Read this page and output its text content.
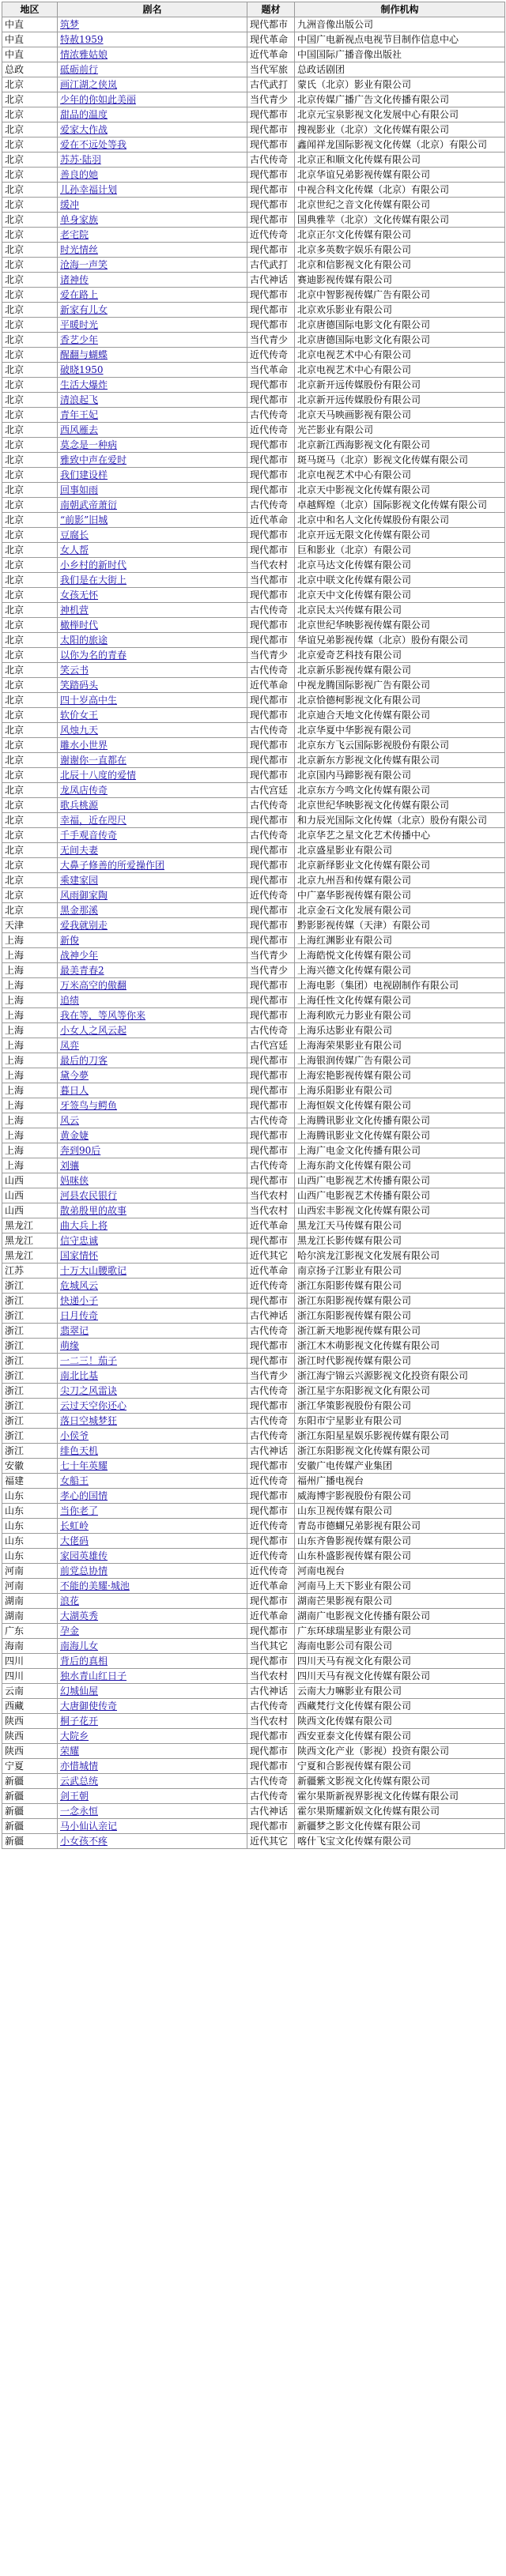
地区	剧名	题材	制作机构
中直	筑梦	现代都市	九洲音像出版公司
中直	特赦1959	现代革命	中国广电新视点电视节目制作信息中心
中直	情浓雅姑娘	近代革命	中国国际广播音像出版社
总政	砥砺前行	当代军旅	总政话剧团
北京	画江湖之侠岚	古代武打	蒙氏（北京）影业有限公司
北京	少年的你如此美丽	当代青少	北京传媒广播广告文化传播有限公司
北京	甜品的温度	现代都市	北京元宝泉影视文化发展中心有限公司
北京	爱家大作战	现代都市	搜视影业（北京）文化传媒有限公司
北京	爱在不远处等我	现代都市	鑫闻祥龙国际影视文化传媒（北京）有限公司
北京	苏苏·陆羽	古代传奇	北京正和顺文化传媒有限公司
北京	善良的她	现代都市	北京华谊兄弟影视传媒有限公司
北京	儿孙幸福计划	现代都市	中视合科文化传媒（北京）有限公司
北京	缓冲	现代都市	北京世纪之音文化传媒有限公司
北京	单身家族	现代都市	国典雅苹（北京）文化传媒有限公司
北京	老宅院	近代传奇	北京正尔文化传媒有限公司
北京	时光情丝	现代都市	北京多英数字娱乐有限公司
北京	沧海一声笑	古代武打	北京和信影视文化有限公司
北京	诸神传	古代神话	赛迪影视传媒有限公司
北京	爱在路上	现代都市	北京中智影视传媒广告有限公司
北京	新家有儿女	现代都市	北京欢乐影业有限公司
北京	平暖时光	现代都市	北京唐德国际电影文化有限公司
北京	香艺少年	当代青少	北京唐德国际电影文化有限公司
北京	醒翻与蝴蝶	近代传奇	北京电视艺术中心有限公司
北京	破晓1950	当代革命	北京电视艺术中心有限公司
北京	生活大爆炸	现代都市	北京新开远传媒股份有限公司
北京	清浪起飞	现代都市	北京新开远传媒股份有限公司
北京	青年王妃	古代传奇	北京天马映画影视有限公司
北京	西风雁去	近代传奇	光芒影业有限公司
北京	莫念是一种病	现代都市	北京新江西海影视文化有限公司
北京	雅致中声在爱时	现代都市	斑马斑马（北京）影视文化传媒有限公司
北京	我们建设样	现代都市	北京电视艺术中心有限公司
北京	回事如雨	现代都市	北京天中影视文化传媒有限公司
北京	南朝武帝萧衍	古代传奇	卓越辉煌（北京）国际影视文化传媒有限公司
北京	“前影”旧城	近代革命	北京中和名人文化传媒股份有限公司
北京	豆腐长	现代都市	北京开远无限文化传媒有限公司
北京	女人帮	现代都市	巨和影业（北京）有限公司
北京	小乡村的新时代	当代农村	北京马达文化传媒有限公司
北京	我们是在大街上	当代都市	北京中联文化传媒有限公司
北京	女孩无怀	现代都市	北京天中文化传媒有限公司
北京	神机营	古代传奇	北京民太兴传媒有限公司
北京	橄榉时代	现代都市	北京世纪华映影视传媒有限公司
北京	太阳的旅途	现代都市	华谊兄弟影视传媒（北京）股份有限公司
北京	以你为名的青春	当代青少	北京爱奇艺科技有限公司
北京	笑云书	古代传奇	北京新乐影视传媒有限公司
北京	笑踏码头	近代革命	中视龙腾国际影视广告有限公司
北京	四十岁高中生	现代都市	北京恰德柯影视文化有限公司
北京	软价女王	现代都市	北京迪合天地文化传媒有限公司
北京	风烛九天	古代传奇	北京华夏中华影视有限公司
北京	雕水小世界	现代都市	北京东方飞云国际影视股份有限公司
北京	谢谢你一直都在	现代都市	北京新东方影视文化传媒有限公司
北京	北辰十八度的爱情	现代都市	北京国内马蹄影视有限公司
北京	龙凤店传奇	古代宫廷	北京东方今鸣文化传媒有限公司
北京	歌兵桃源	古代传奇	北京世纪华映影视文化传媒有限公司
北京	幸福，近在咫尺	现代都市	和力辰光国际文化传媒（北京）股份有限公司
北京	千手观音传奇	古代传奇	北京华艺之星文化艺术传播中心
北京	无间夫妻	现代都市	北京盛星影业有限公司
北京	大鼻子修善的所爱操作团	现代都市	北京新绎影业文化传媒有限公司
北京	乘建家园	现代都市	北京九州吾和传媒有限公司
北京	风雨御家陶	近代传奇	中广嘉华影视传媒有限公司
北京	黑金那溪	现代都市	北京金石文化发展有限公司
天津	爱我就别走	现代都市	黔影影视传媒（天津）有限公司
上海	新俊	现代都市	上海红渊影业有限公司
上海	战神少年	当代青少	上海皓悦文化传媒有限公司
上海	最美青春2	当代青少	上海兴德文化传媒有限公司
上海	万米高空的傲翻	现代都市	上海电影（集团）电视剧制作有限公司
上海	追绩	现代都市	上海任性文化传媒有限公司
上海	我在等，等风等你来	现代都市	上海利欧元力影业有限公司
上海	小女人之风云起	古代传奇	上海乐达影业有限公司
上海	凤弈	古代宫廷	上海海荣果影业有限公司
上海	最后的刀客	现代都市	上海银润传媒广告有限公司
上海	黛今夢	现代都市	上海宏艳影视传媒有限公司
上海	暮日人	现代都市	上海乐阳影业有限公司
上海	牙签鸟与鳄鱼	现代都市	上海恒娱文化传媒有限公司
上海	风云	古代传奇	上海腾讯影业文化传播有限公司
上海	黄金婕	现代都市	上海腾讯影业文化传媒有限公司
上海	奔到90后	现代都市	上海广电金文化传播有限公司
上海	刘骧	古代传奇	上海东韵文化传媒有限公司
山西	妈咪侠	现代都市	山西广电影视艺术传播有限公司
山西	河县农民银行	当代农村	山西广电影视艺术传播有限公司
山西	散弟殷里的故事	当代农村	山西宏丰影视文化传媒有限公司
黑龙江	曲大兵上将	近代革命	黑龙江天马传媒有限公司
黑龙江	信守忠诚	现代都市	黑龙江长影传媒有限公司
黑龙江	国家情怀	近代其它	哈尔滨龙江影视文化发展有限公司
江苏	十万大山腰歌记	近代革命	南京扬子江影业有限公司
浙江	危城风云	近代传奇	浙江东阳影传媒有限公司
浙江	快递小子	现代都市	浙江东阳影视传媒有限公司
浙江	日月传奇	古代神话	浙江东阳影视传媒有限公司
浙江	翡翠记	古代传奇	浙江新天地影视传媒有限公司
浙江	萌缘	现代都市	浙江木木萌影视文化传媒有限公司
浙江	一二三！茄子	现代都市	浙江时代影视传媒有限公司
浙江	南北比基	当代青少	浙江海宁锦云兴源影视文化投资有限公司
浙江	尖刀之风雷诀	古代传奇	浙江星宇东阳影视文化有限公司
浙江	云过天空你还心	现代都市	浙江华策影视股份有限公司
浙江	落日空城梦狂	古代传奇	东阳市宁星影业有限公司
浙江	小侯爷	古代传奇	浙江东阳星星娱乐影视传媒有限公司
浙江	绯色天机	古代神话	浙江东阳影视文化传媒有限公司
安徽	七十年英耀	现代都市	安徽广电传媒产业集团
福建	女船王	近代传奇	福州广播电视台
山东	孝心的国情	现代都市	威海博宇影视股份有限公司
山东	当你老了	现代都市	山东卫视传媒有限公司
山东	长虹岭	近代传奇	青岛市德蝴兄弟影视有限公司
山东	大佬码	现代都市	山东齐鲁影视传媒有限公司
山东	家园英雄传	近代传奇	山东朴盛影视传媒有限公司
河南	前党总协情	近代传奇	河南电视台
河南	不能的美耀·城池	近代革命	河南马上天下影业有限公司
湖南	浪花	现代都市	湖南芒果影视有限公司
湖南	大湖英秀	近代革命	湖南广电影视文化传播有限公司
广东	孕金	现代都市	广东环球瑞星影业有限公司
海南	南海儿女	当代其它	海南电影公司有限公司
四川	背后的真相	现代都市	四川天马有视文化有限公司
四川	独水青山红日子	当代农村	四川天马有视文化传媒有限公司
云南	幻城仙屋	古代神话	云南大力嘛影业有限公司
西藏	大唐御使传奇	古代传奇	西藏梵行文化传媒有限公司
陕西	桐子花开	当代农村	陕西文化传媒有限公司
陕西	大院乡	现代都市	西安亚泰文化传媒有限公司
陕西	荣耀	现代都市	陕西文化产业（影视）投资有限公司
宁夏	亦惜城情	现代都市	宁夏和合影视传媒有限公司
新疆	云武总统	古代传奇	新疆紫文影视文化传媒有限公司
新疆	剑王朝	古代传奇	霍尔果斯新视界影视文化传媒有限公司
新疆	一念永恒	古代神话	霍尔果斯耀新娱文化传媒有限公司
新疆	马小仙认亲记	现代都市	新疆梦之影文化传媒有限公司
新疆	小女孩不疼	近代其它	喀什飞宝文化传媒有限公司
